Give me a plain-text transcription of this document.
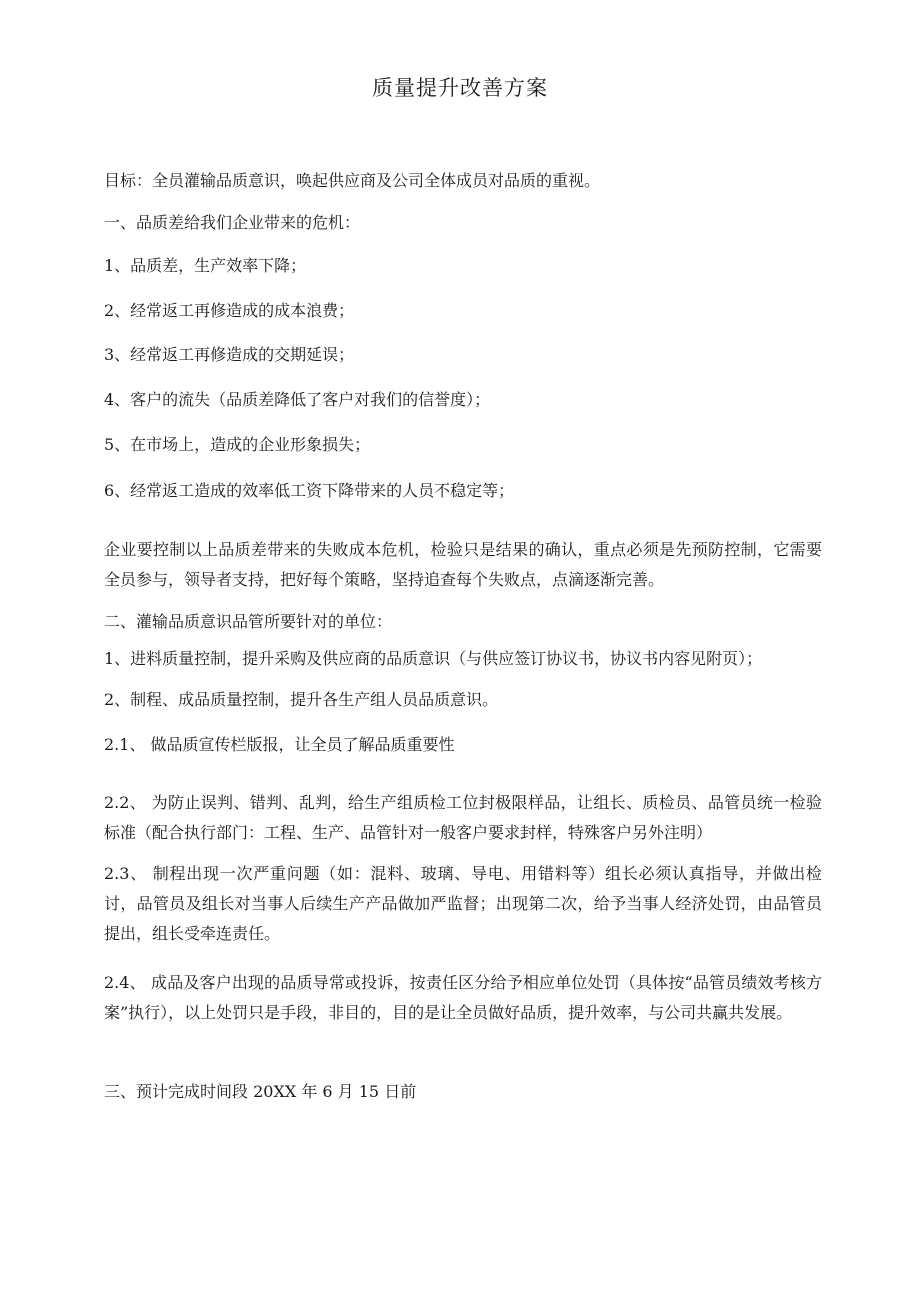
质量提升改善方案
目标：全员灌输品质意识，唤起供应商及公司全体成员对品质的重视。
一、品质差给我们企业带来的危机：
1、品质差，生产效率下降；
2、经常返工再修造成的成本浪费；
3、经常返工再修造成的交期延误；
4、客户的流失（品质差降低了客户对我们的信誉度）；
5、在市场上，造成的企业形象损失；
6、经常返工造成的效率低工资下降带来的人员不稳定等；
企业要控制以上品质差带来的失败成本危机，检验只是结果的确认，重点必须是先预防控制，它需要全员参与，领导者支持，把好每个策略，坚持追查每个失败点，点滴逐渐完善。
二、灌输品质意识品管所要针对的单位：
1、进料质量控制，提升采购及供应商的品质意识（与供应签订协议书，协议书内容见附页）；
2、制程、成品质量控制，提升各生产组人员品质意识。
2.1、 做品质宣传栏版报，让全员了解品质重要性
2.2、 为防止误判、错判、乱判，给生产组质检工位封极限样品，让组长、质检员、品管员统一检验标准（配合执行部门：工程、生产、品管针对一般客户要求封样，特殊客户另外注明）
2.3、 制程出现一次严重问题（如：混料、玻璃、导电、用错料等）组长必须认真指导，并做出检讨，品管员及组长对当事人后续生产产品做加严监督；出现第二次，给予当事人经济处罚，由品管员提出，组长受牵连责任。
2.4、 成品及客户出现的品质导常或投诉，按责任区分给予相应单位处罚（具体按“品管员绩效考核方案”执行），以上处罚只是手段，非目的，目的是让全员做好品质，提升效率，与公司共赢共发展。
三、预计完成时间段 20XX 年 6 月 15 日前
